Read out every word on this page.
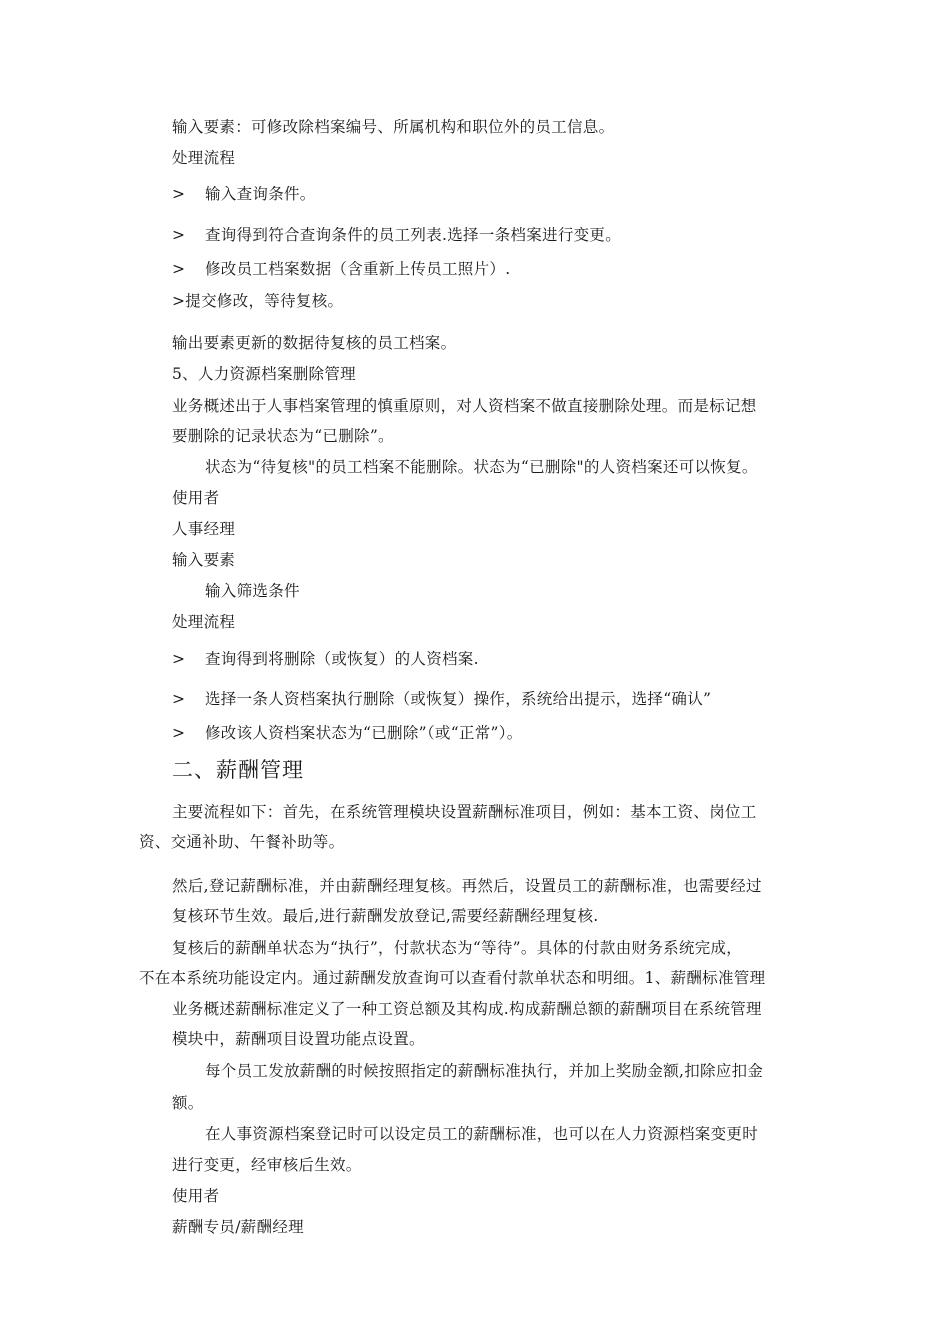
输入要素：可修改除档案编号、所属机构和职位外的员工信息。
处理流程
> 输入查询条件。
> 查询得到符合查询条件的员工列表.选择一条档案进行变更。
> 修改员工档案数据（含重新上传员工照片）.
>提交修改，等待复核。
输出要素更新的数据待复核的员工档案。
5、人力资源档案删除管理
业务概述出于人事档案管理的慎重原则，对人资档案不做直接删除处理。而是标记想
要删除的记录状态为“已删除”。
状态为“待复核"的员工档案不能删除。状态为“已删除"的人资档案还可以恢复。
使用者
人事经理
输入要素
输入筛选条件
处理流程
> 查询得到将删除（或恢复）的人资档案.
> 选择一条人资档案执行删除（或恢复）操作，系统给出提示，选择“确认”
> 修改该人资档案状态为“已删除”（或“正常”）。
二、薪酬管理
主要流程如下：首先，在系统管理模块设置薪酬标准项目，例如：基本工资、岗位工
资、交通补助、午餐补助等。
然后,登记薪酬标准，并由薪酬经理复核。再然后，设置员工的薪酬标准，也需要经过
复核环节生效。最后,进行薪酬发放登记,需要经薪酬经理复核.
复核后的薪酬单状态为“执行”，付款状态为“等待”。具体的付款由财务系统完成，
不在本系统功能设定内。通过薪酬发放查询可以查看付款单状态和明细。1、薪酬标准管理
业务概述薪酬标准定义了一种工资总额及其构成.构成薪酬总额的薪酬项目在系统管理
模块中，薪酬项目设置功能点设置。
每个员工发放薪酬的时候按照指定的薪酬标准执行，并加上奖励金额,扣除应扣金
额。
在人事资源档案登记时可以设定员工的薪酬标准，也可以在人力资源档案变更时
进行变更，经审核后生效。
使用者
薪酬专员/薪酬经理
